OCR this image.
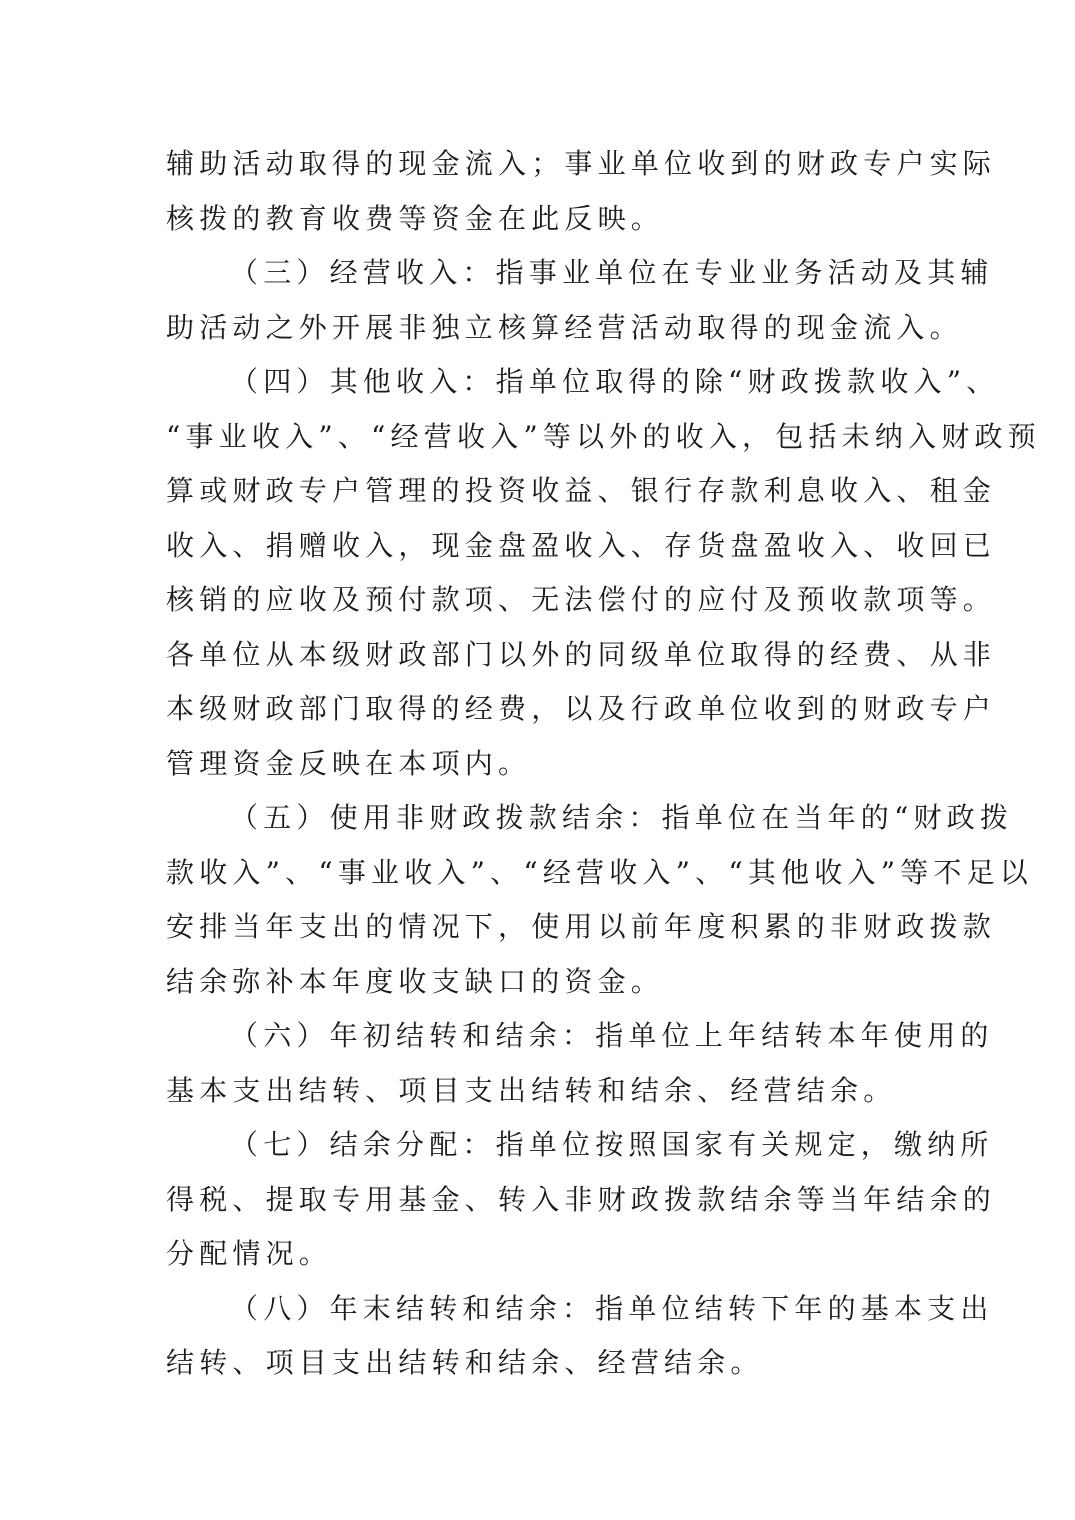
辅助活动取得的现金流入；事业单位收到的财政专户实际
核拨的教育收费等资金在此反映。
（三）经营收入：指事业单位在专业业务活动及其辅
助活动之外开展非独立核算经营活动取得的现金流入。
（四）其他收入：指单位取得的除“财政拨款收入”、
“事业收入”、“经营收入”等以外的收入，包括未纳入财政预
算或财政专户管理的投资收益、银行存款利息收入、租金
收入、捐赠收入，现金盘盈收入、存货盘盈收入、收回已
核销的应收及预付款项、无法偿付的应付及预收款项等。
各单位从本级财政部门以外的同级单位取得的经费、从非
本级财政部门取得的经费，以及行政单位收到的财政专户
管理资金反映在本项内。
（五）使用非财政拨款结余：指单位在当年的“财政拨
款收入”、“事业收入”、“经营收入”、“其他收入”等不足以
安排当年支出的情况下，使用以前年度积累的非财政拨款
结余弥补本年度收支缺口的资金。
（六）年初结转和结余：指单位上年结转本年使用的
基本支出结转、项目支出结转和结余、经营结余。
（七）结余分配：指单位按照国家有关规定，缴纳所
得税、提取专用基金、转入非财政拨款结余等当年结余的
分配情况。
（八）年末结转和结余：指单位结转下年的基本支出
结转、项目支出结转和结余、经营结余。
